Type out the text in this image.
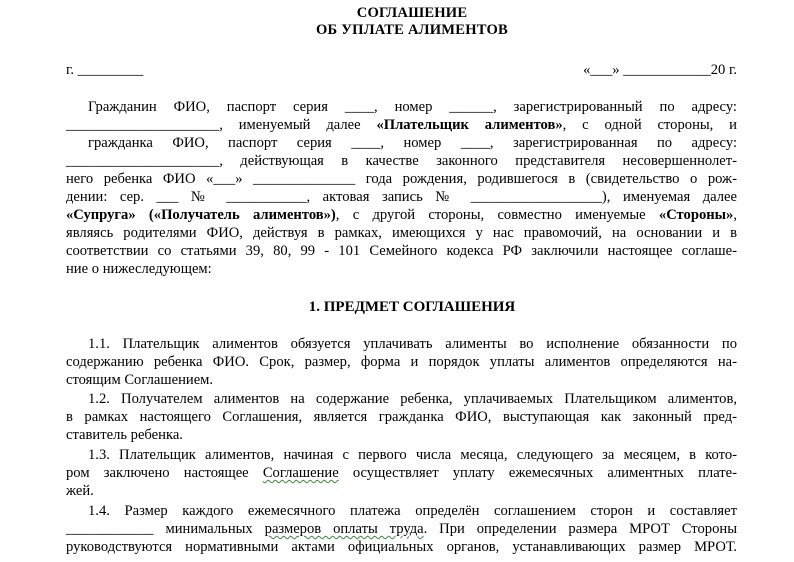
СОГЛАШЕНИЕ
ОБ УПЛАТЕ АЛИМЕНТОВ
г. _________	«___» ____________20 г.
Гражданин ФИО, паспорт серия ____, номер ______, зарегистрированный по адресу:
_____________________, именуемый далее «Плательщик алиментов», с одной стороны, и
гражданка ФИО, паспорт серия ____, номер ____, зарегистрированная по адресу:
_____________________, действующая в качестве законного представителя несовершеннолет-
него ребенка ФИО «___» ______________ года рождения, родившегося в (свидетельство о рож-
дении: сер. ___ № ___________, актовая запись № __________________), именуемая далее
«Супруга» («Получатель алиментов»), с другой стороны, совместно именуемые «Стороны»,
являясь родителями ФИО, действуя в рамках, имеющихся у нас правомочий, на основании и в
соответствии со статьями 39, 80, 99 - 101 Семейного кодекса РФ заключили настоящее соглаше-
ние о нижеследующем:
1. ПРЕДМЕТ СОГЛАШЕНИЯ
1.1. Плательщик алиментов обязуется уплачивать алименты во исполнение обязанности по
содержанию ребенка ФИО. Срок, размер, форма и порядок уплаты алиментов определяются на-
стоящим Соглашением.
1.2. Получателем алиментов на содержание ребенка, уплачиваемых Плательщиком алиментов,
в рамках настоящего Соглашения, является гражданка ФИО, выступающая как законный пред-
ставитель ребенка.
1.3. Плательщик алиментов, начиная с первого числа месяца, следующего за месяцем, в кото-
ром заключено настоящее Соглашение осуществляет уплату ежемесячных алиментных плате-
жей.
1.4. Размер каждого ежемесячного платежа определён соглашением сторон и составляет
____________ минимальных размеров оплаты труда. При определении размера МРОТ Стороны
руководствуются нормативными актами официальных органов, устанавливающих размер МРОТ.
